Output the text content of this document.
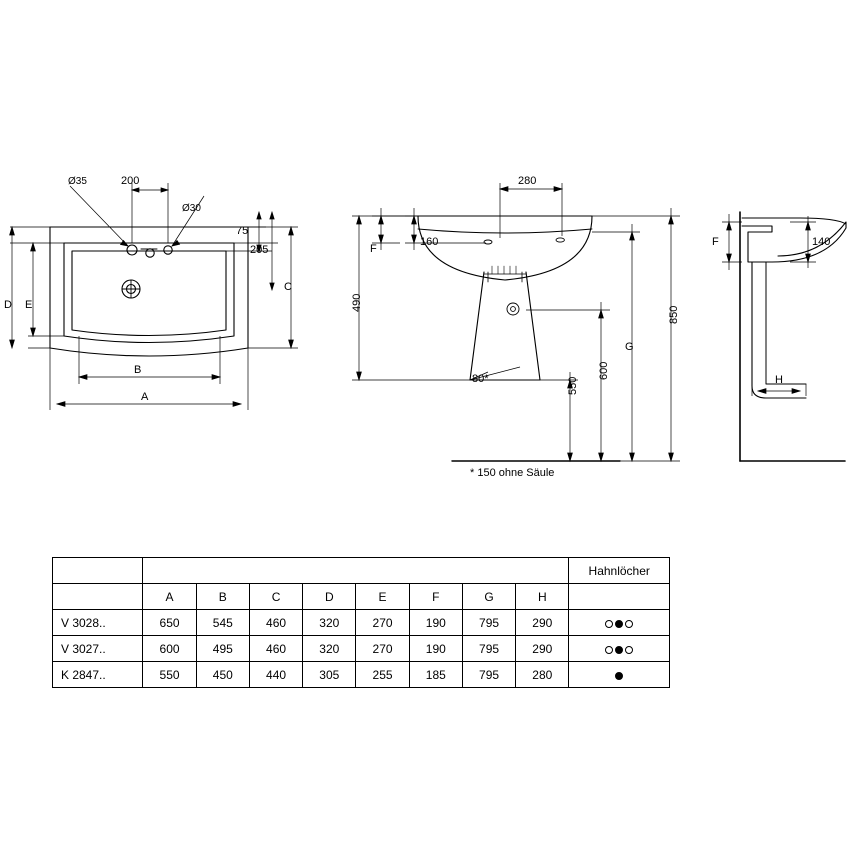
Ø35	200
Ø30
75
205
C
D E
B
A
280
160
F
490
550
600
G
850
80*
* 150 ohne Säule
140
F
H
									Hahnlöcher
	A	B	C	D	E	F	G	H	
V 3028..	650	545	460	320	270	190	795	290	
V 3027..	600	495	460	320	270	190	795	290	
K 2847..	550	450	440	305	255	185	795	280	
